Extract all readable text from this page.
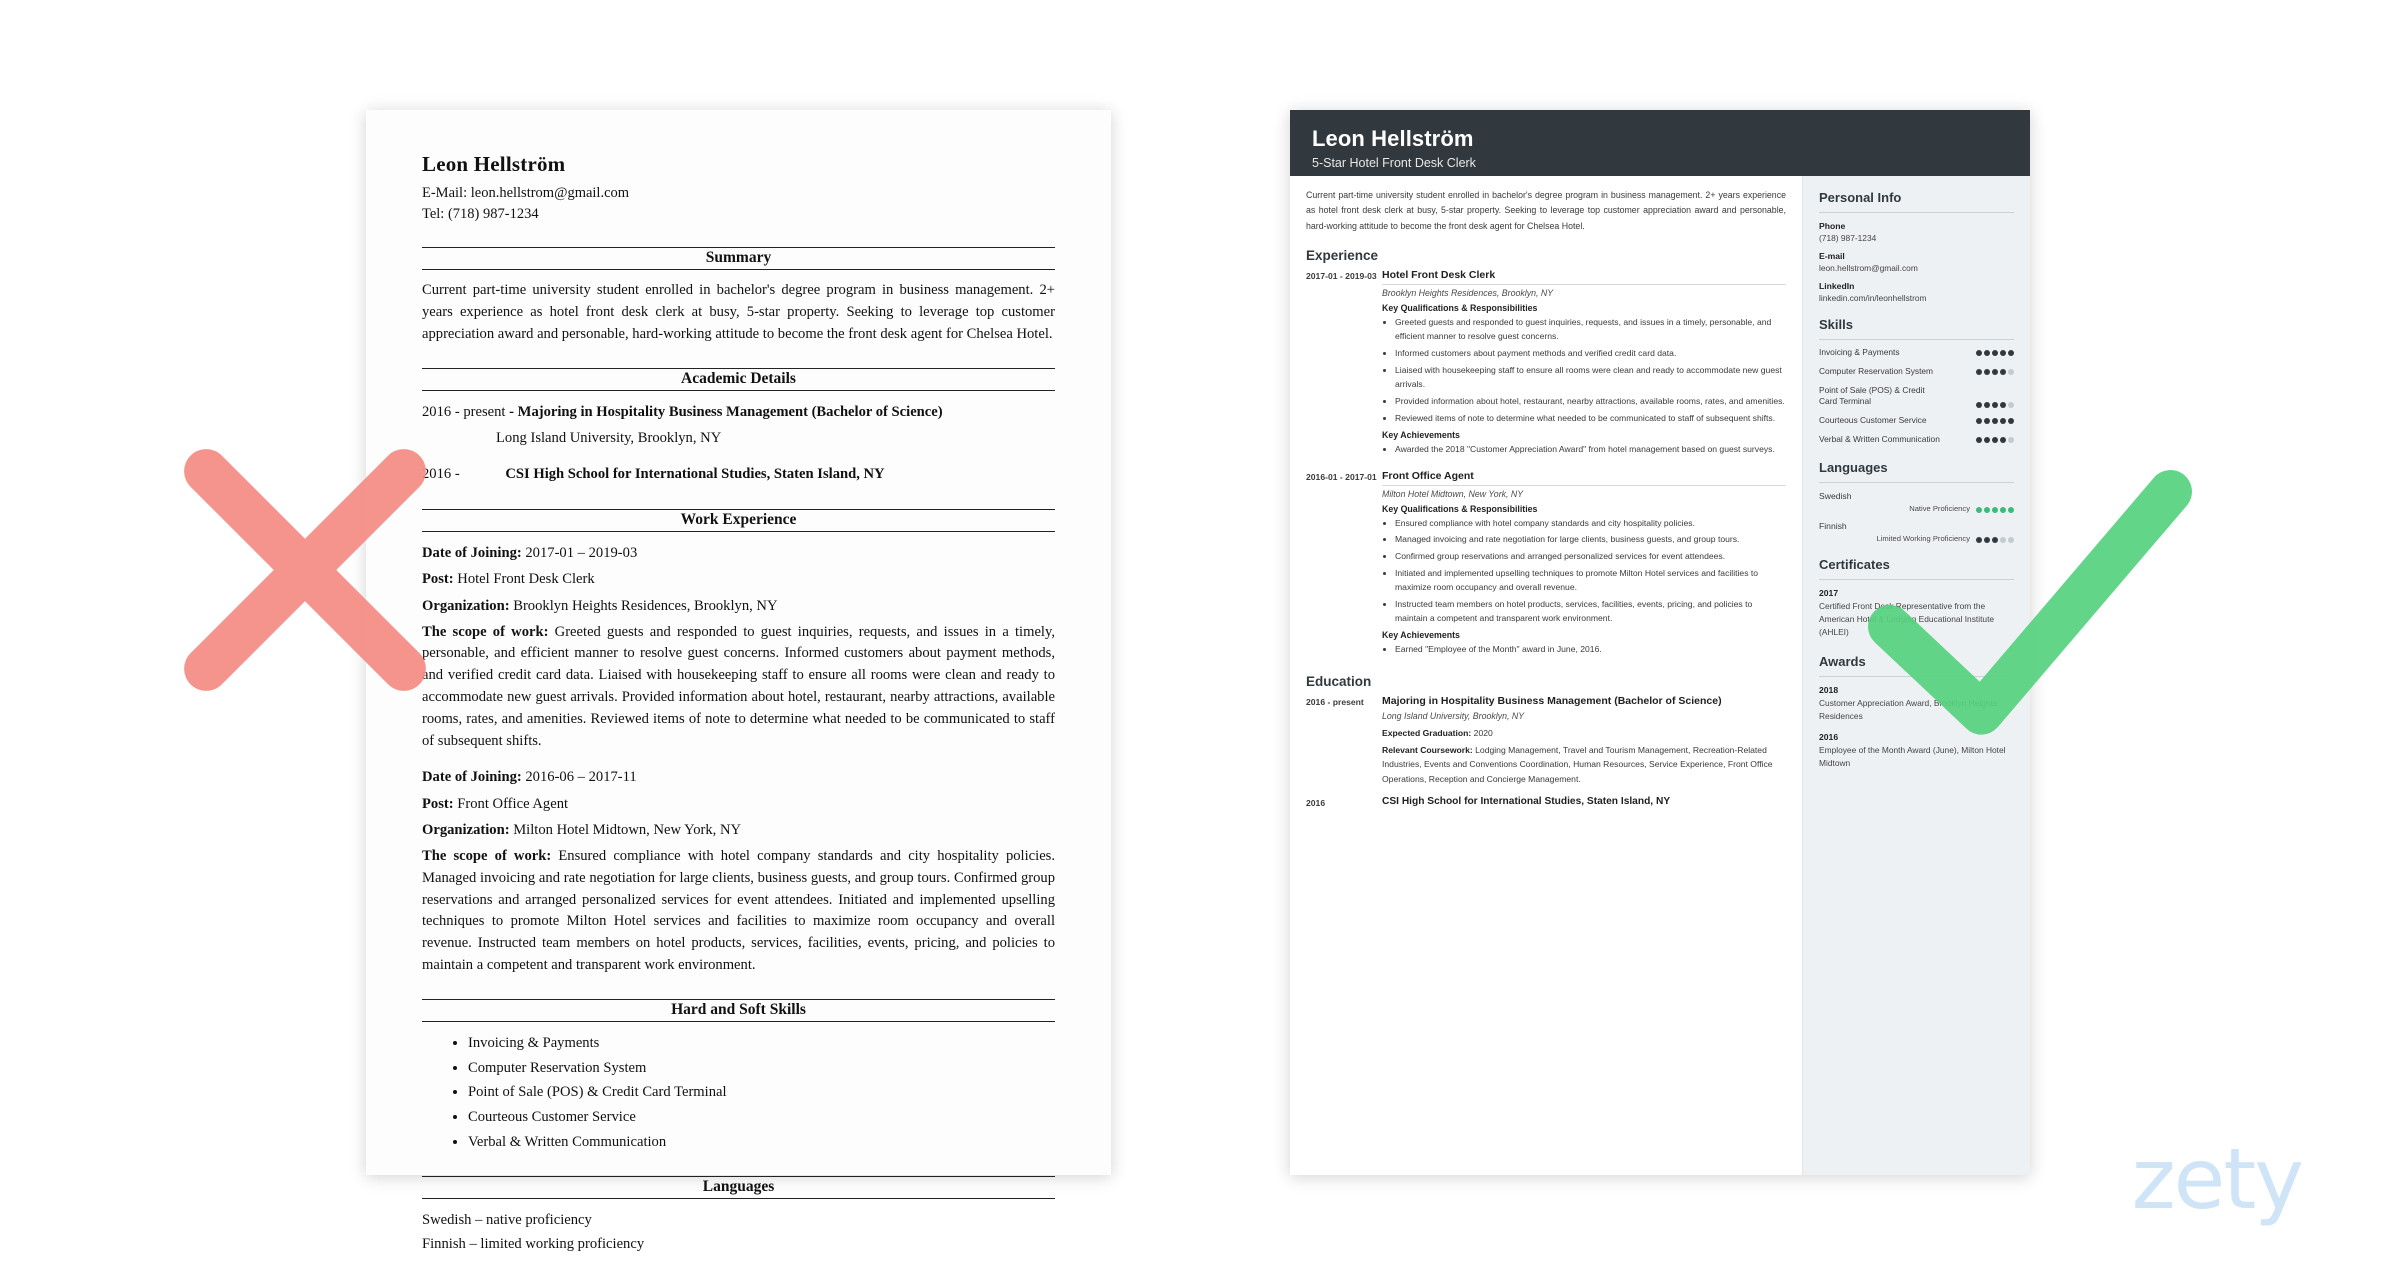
Leon Hellström
E-Mail: leon.hellstrom@gmail.com
Tel: (718) 987-1234
Summary
Current part-time university student enrolled in bachelor's degree program in business management. 2+ years experience as hotel front desk clerk at busy, 5-star property. Seeking to leverage top customer appreciation award and personable, hard-working attitude to become the front desk agent for Chelsea Hotel.
Academic Details
2016 - present - Majoring in Hospitality Business Management (Bachelor of Science)
Long Island University, Brooklyn, NY
2016 -	CSI High School for International Studies, Staten Island, NY
Work Experience
Date of Joining: 2017-01 – 2019-03
Post: Hotel Front Desk Clerk
Organization: Brooklyn Heights Residences, Brooklyn, NY
The scope of work: Greeted guests and responded to guest inquiries, requests, and issues in a timely, personable, and efficient manner to resolve guest concerns. Informed customers about payment methods, and verified credit card data. Liaised with housekeeping staff to ensure all rooms were clean and ready to accommodate new guest arrivals. Provided information about hotel, restaurant, nearby attractions, available rooms, rates, and amenities. Reviewed items of note to determine what needed to be communicated to staff of subsequent shifts.
Date of Joining: 2016-06 – 2017-11
Post: Front Office Agent
Organization: Milton Hotel Midtown, New York, NY
The scope of work: Ensured compliance with hotel company standards and city hospitality policies. Managed invoicing and rate negotiation for large clients, business guests, and group tours. Confirmed group reservations and arranged personalized services for event attendees. Initiated and implemented upselling techniques to promote Milton Hotel services and facilities to maximize room occupancy and overall revenue. Instructed team members on hotel products, services, facilities, events, pricing, and policies to maintain a competent and transparent work environment.
Hard and Soft Skills
• Invoicing & Payments
• Computer Reservation System
• Point of Sale (POS) & Credit Card Terminal
• Courteous Customer Service
• Verbal & Written Communication
Languages
Swedish – native proficiency
Finnish – limited working proficiency
Leon Hellström
5-Star Hotel Front Desk Clerk
Current part-time university student enrolled in bachelor's degree program in business management. 2+ years experience as hotel front desk clerk at busy, 5-star property. Seeking to leverage top customer appreciation award and personable, hard-working attitude to become the front desk agent for Chelsea Hotel.
Experience
2017-01 - 2019-03 Hotel Front Desk Clerk
Brooklyn Heights Residences, Brooklyn, NY
Key Qualifications & Responsibilities
• Greeted guests and responded to guest inquiries, requests, and issues in a timely, personable, and efficient manner to resolve guest concerns.
• Informed customers about payment methods and verified credit card data.
• Liaised with housekeeping staff to ensure all rooms were clean and ready to accommodate new guest arrivals.
• Provided information about hotel, restaurant, nearby attractions, available rooms, rates, and amenities.
• Reviewed items of note to determine what needed to be communicated to staff of subsequent shifts.
Key Achievements
• Awarded the 2018 "Customer Appreciation Award" from hotel management based on guest surveys.
2016-01 - 2017-01 Front Office Agent
Milton Hotel Midtown, New York, NY
Key Qualifications & Responsibilities
• Ensured compliance with hotel company standards and city hospitality policies.
• Managed invoicing and rate negotiation for large clients, business guests, and group tours.
• Confirmed group reservations and arranged personalized services for event attendees.
• Initiated and implemented upselling techniques to promote Milton Hotel services and facilities to maximize room occupancy and overall revenue.
• Instructed team members on hotel products, services, facilities, events, pricing, and policies to maintain a competent and transparent work environment.
Key Achievements
• Earned "Employee of the Month" award in June, 2016.
Education
2016 - present	Majoring in Hospitality Business Management (Bachelor of Science)
Long Island University, Brooklyn, NY
Expected Graduation: 2020
Relevant Coursework: Lodging Management, Travel and Tourism Management, Recreation-Related Industries, Events and Conventions Coordination, Human Resources, Service Experience, Front Office Operations, Reception and Concierge Management.
2016	CSI High School for International Studies, Staten Island, NY
Personal Info
Phone
(718) 987-1234
E-mail
leon.hellstrom@gmail.com
LinkedIn
linkedin.com/in/leonhellstrom
Skills
Invoicing & Payments
Computer Reservation System
Point of Sale (POS) & Credit Card Terminal
Courteous Customer Service
Verbal & Written Communication
Languages
Swedish
Native Proficiency
Finnish
Limited Working Proficiency
Certificates
2017
Certified Front Desk Representative from the American Hotel & Lodging Educational Institute (AHLEI)
Awards
2018
Customer Appreciation Award, Brooklyn Heights Residences
2016
Employee of the Month Award (June), Milton Hotel Midtown
zety
